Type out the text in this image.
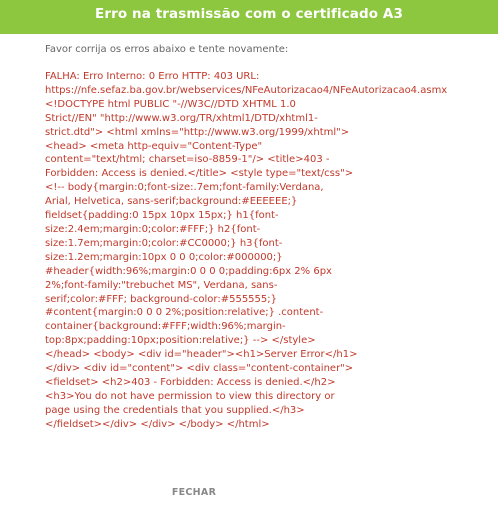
Erro na trasmissão com o certificado A3
Favor corrija os erros abaixo e tente novamente:
FALHA: Erro Interno: 0 Erro HTTP: 403 URL:
https://nfe.sefaz.ba.gov.br/webservices/NFeAutorizacao4/NFeAutorizacao4.asmx
<!DOCTYPE html PUBLIC "-//W3C//DTD XHTML 1.0
Strict//EN" "http://www.w3.org/TR/xhtml1/DTD/xhtml1-
strict.dtd"> <html xmlns="http://www.w3.org/1999/xhtml">
<head> <meta http-equiv="Content-Type"
content="text/html; charset=iso-8859-1"/> <title>403 -
Forbidden: Access is denied.</title> <style type="text/css">
<!-- body{margin:0;font-size:.7em;font-family:Verdana,
Arial, Helvetica, sans-serif;background:#EEEEEE;}
fieldset{padding:0 15px 10px 15px;} h1{font-
size:2.4em;margin:0;color:#FFF;} h2{font-
size:1.7em;margin:0;color:#CC0000;} h3{font-
size:1.2em;margin:10px 0 0 0;color:#000000;}
#header{width:96%;margin:0 0 0 0;padding:6px 2% 6px
2%;font-family:"trebuchet MS", Verdana, sans-
serif;color:#FFF; background-color:#555555;}
#content{margin:0 0 0 2%;position:relative;} .content-
container{background:#FFF;width:96%;margin-
top:8px;padding:10px;position:relative;} --> </style>
</head> <body> <div id="header"><h1>Server Error</h1>
</div> <div id="content"> <div class="content-container">
<fieldset> <h2>403 - Forbidden: Access is denied.</h2>
<h3>You do not have permission to view this directory or
page using the credentials that you supplied.</h3>
</fieldset></div> </div> </body> </html>
FECHAR
